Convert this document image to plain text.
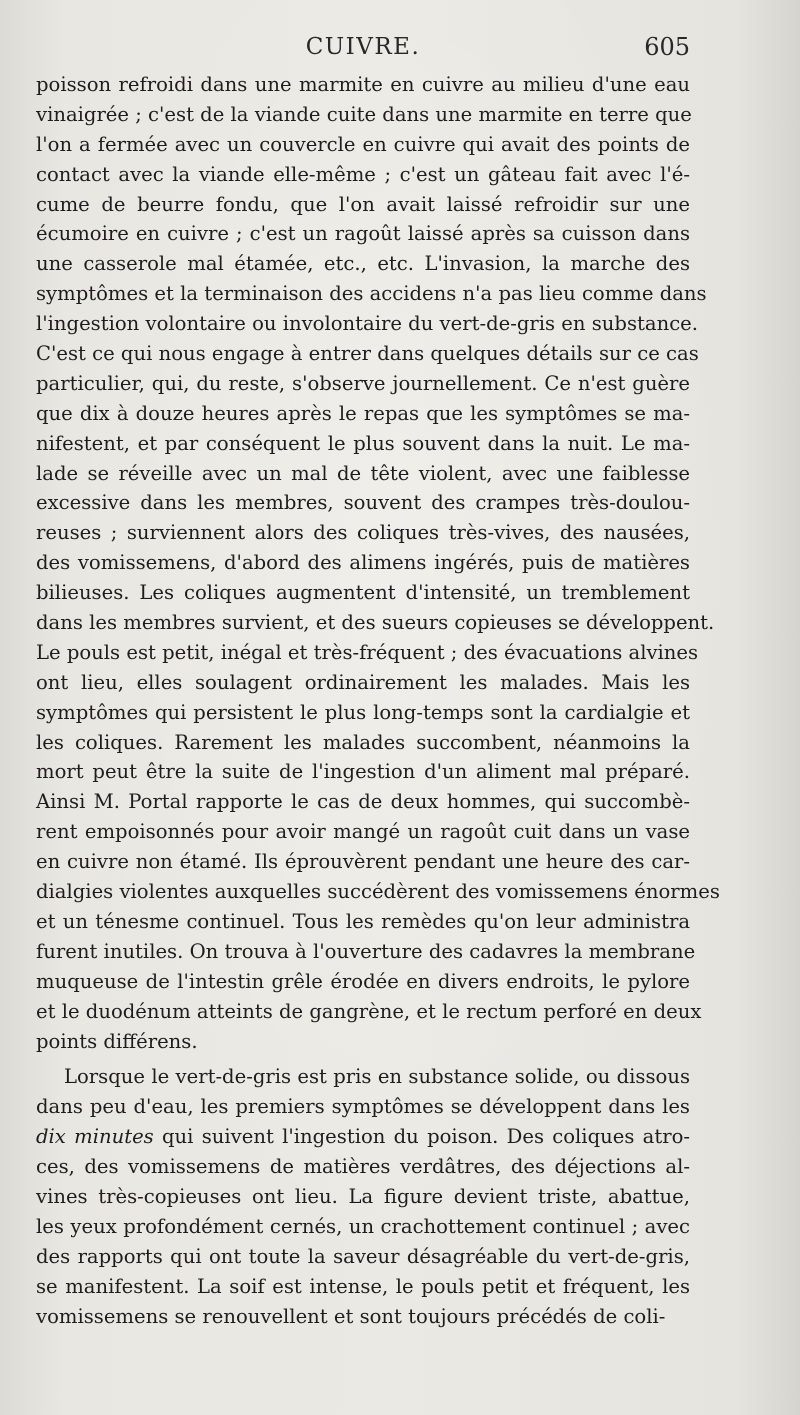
CUIVRE.	605
poisson refroidi dans une marmite en cuivre au milieu d'une eau
vinaigrée ; c'est de la viande cuite dans une marmite en terre que
l'on a fermée avec un couvercle en cuivre qui avait des points de
contact avec la viande elle-même ; c'est un gâteau fait avec l'é-
cume de beurre fondu, que l'on avait laissé refroidir sur une
écumoire en cuivre ; c'est un ragoût laissé après sa cuisson dans
une casserole mal étamée, etc., etc. L'invasion, la marche des
symptômes et la terminaison des accidens n'a pas lieu comme dans
l'ingestion volontaire ou involontaire du vert-de-gris en substance.
C'est ce qui nous engage à entrer dans quelques détails sur ce cas
particulier, qui, du reste, s'observe journellement. Ce n'est guère
que dix à douze heures après le repas que les symptômes se ma-
nifestent, et par conséquent le plus souvent dans la nuit. Le ma-
lade se réveille avec un mal de tête violent, avec une faiblesse
excessive dans les membres, souvent des crampes très-doulou-
reuses ; surviennent alors des coliques très-vives, des nausées,
des vomissemens, d'abord des alimens ingérés, puis de matières
bilieuses. Les coliques augmentent d'intensité, un tremblement
dans les membres survient, et des sueurs copieuses se développent.
Le pouls est petit, inégal et très-fréquent ; des évacuations alvines
ont lieu, elles soulagent ordinairement les malades. Mais les
symptômes qui persistent le plus long-temps sont la cardialgie et
les coliques. Rarement les malades succombent, néanmoins la
mort peut être la suite de l'ingestion d'un aliment mal préparé.
Ainsi M. Portal rapporte le cas de deux hommes, qui succombè-
rent empoisonnés pour avoir mangé un ragoût cuit dans un vase
en cuivre non étamé. Ils éprouvèrent pendant une heure des car-
dialgies violentes auxquelles succédèrent des vomissemens énormes
et un ténesme continuel. Tous les remèdes qu'on leur administra
furent inutiles. On trouva à l'ouverture des cadavres la membrane
muqueuse de l'intestin grêle érodée en divers endroits, le pylore
et le duodénum atteints de gangrène, et le rectum perforé en deux
points différens.
Lorsque le vert-de-gris est pris en substance solide, ou dissous
dans peu d'eau, les premiers symptômes se développent dans les
dix minutes qui suivent l'ingestion du poison. Des coliques atro-
ces, des vomissemens de matières verdâtres, des déjections al-
vines très-copieuses ont lieu. La figure devient triste, abattue,
les yeux profondément cernés, un crachottement continuel ; avec
des rapports qui ont toute la saveur désagréable du vert-de-gris,
se manifestent. La soif est intense, le pouls petit et fréquent, les
vomissemens se renouvellent et sont toujours précédés de coli-
